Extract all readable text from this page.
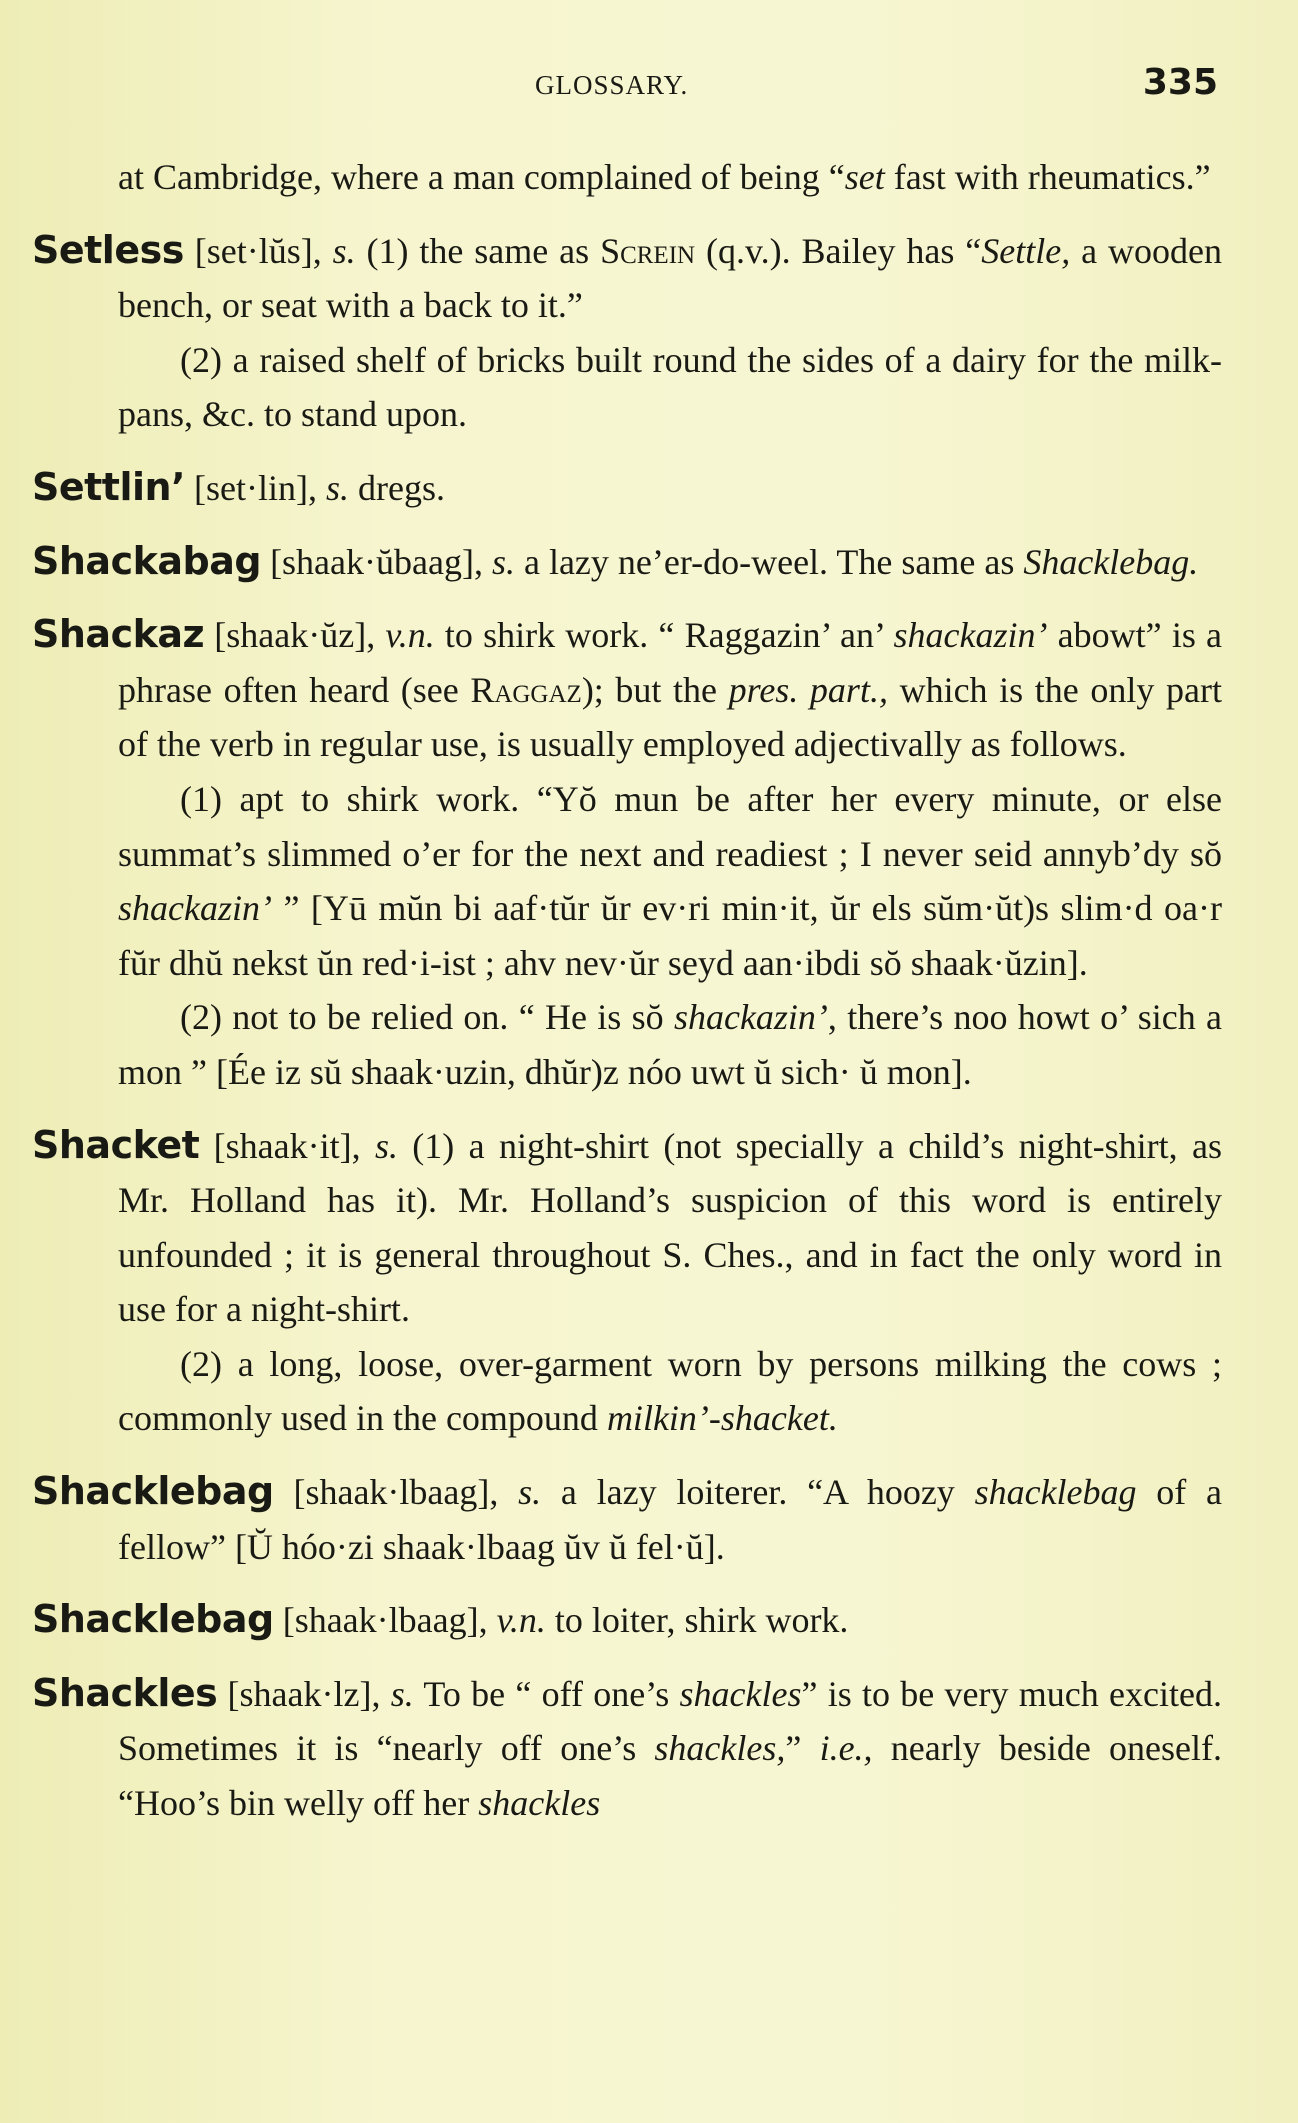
GLOSSARY.	335

at Cambridge, where a man complained of being “set fast with rheumatics.”

Setless [set·lŭs], s. (1) the same as Screin (q.v.). Bailey has “Settle, a wooden bench, or seat with a back to it.”

(2) a raised shelf of bricks built round the sides of a dairy for the milk-pans, &c. to stand upon.

Settlin’ [set·lin], s. dregs.

Shackabag [shaak·ŭbaag], s. a lazy ne’er-do-weel. The same as Shacklebag.

Shackaz [shaak·ŭz], v.n. to shirk work. “ Raggazin’ an’ shackazin’ abowt” is a phrase often heard (see Raggaz); but the pres. part., which is the only part of the verb in regular use, is usually employed adjectivally as follows.

(1) apt to shirk work. “Yŏ mun be after her every minute, or else summat’s slimmed o’er for the next and readiest ; I never seid annyb’dy sŏ shackazin’ ” [Yū mŭn bi aaf·tŭr ŭr ev·ri min·it, ŭr els sŭm·ŭt)s slim·d oa·r fŭr dhŭ nekst ŭn red·i-ist ; ahv nev·ŭr seyd aan·ibdi sŏ shaak·ŭzin].

(2) not to be relied on. “ He is sŏ shackazin’, there’s noo howt o’ sich a mon ” [Ée iz sŭ shaak·uzin, dhŭr)z nóo uwt ŭ sich· ŭ mon].

Shacket [shaak·it], s. (1) a night-shirt (not specially a child’s night-shirt, as Mr. Holland has it). Mr. Holland’s suspicion of this word is entirely unfounded ; it is general throughout S. Ches., and in fact the only word in use for a night-shirt.

(2) a long, loose, over-garment worn by persons milking the cows ; commonly used in the compound milkin’-shacket.

Shacklebag [shaak·lbaag], s. a lazy loiterer. “A hoozy shacklebag of a fellow” [Ŭ hóo·zi shaak·lbaag ŭv ŭ fel·ŭ].

Shacklebag [shaak·lbaag], v.n. to loiter, shirk work.

Shackles [shaak·lz], s. To be “ off one’s shackles” is to be very much excited. Sometimes it is “nearly off one’s shackles,” i.e., nearly beside oneself. “Hoo’s bin welly off her shackles
